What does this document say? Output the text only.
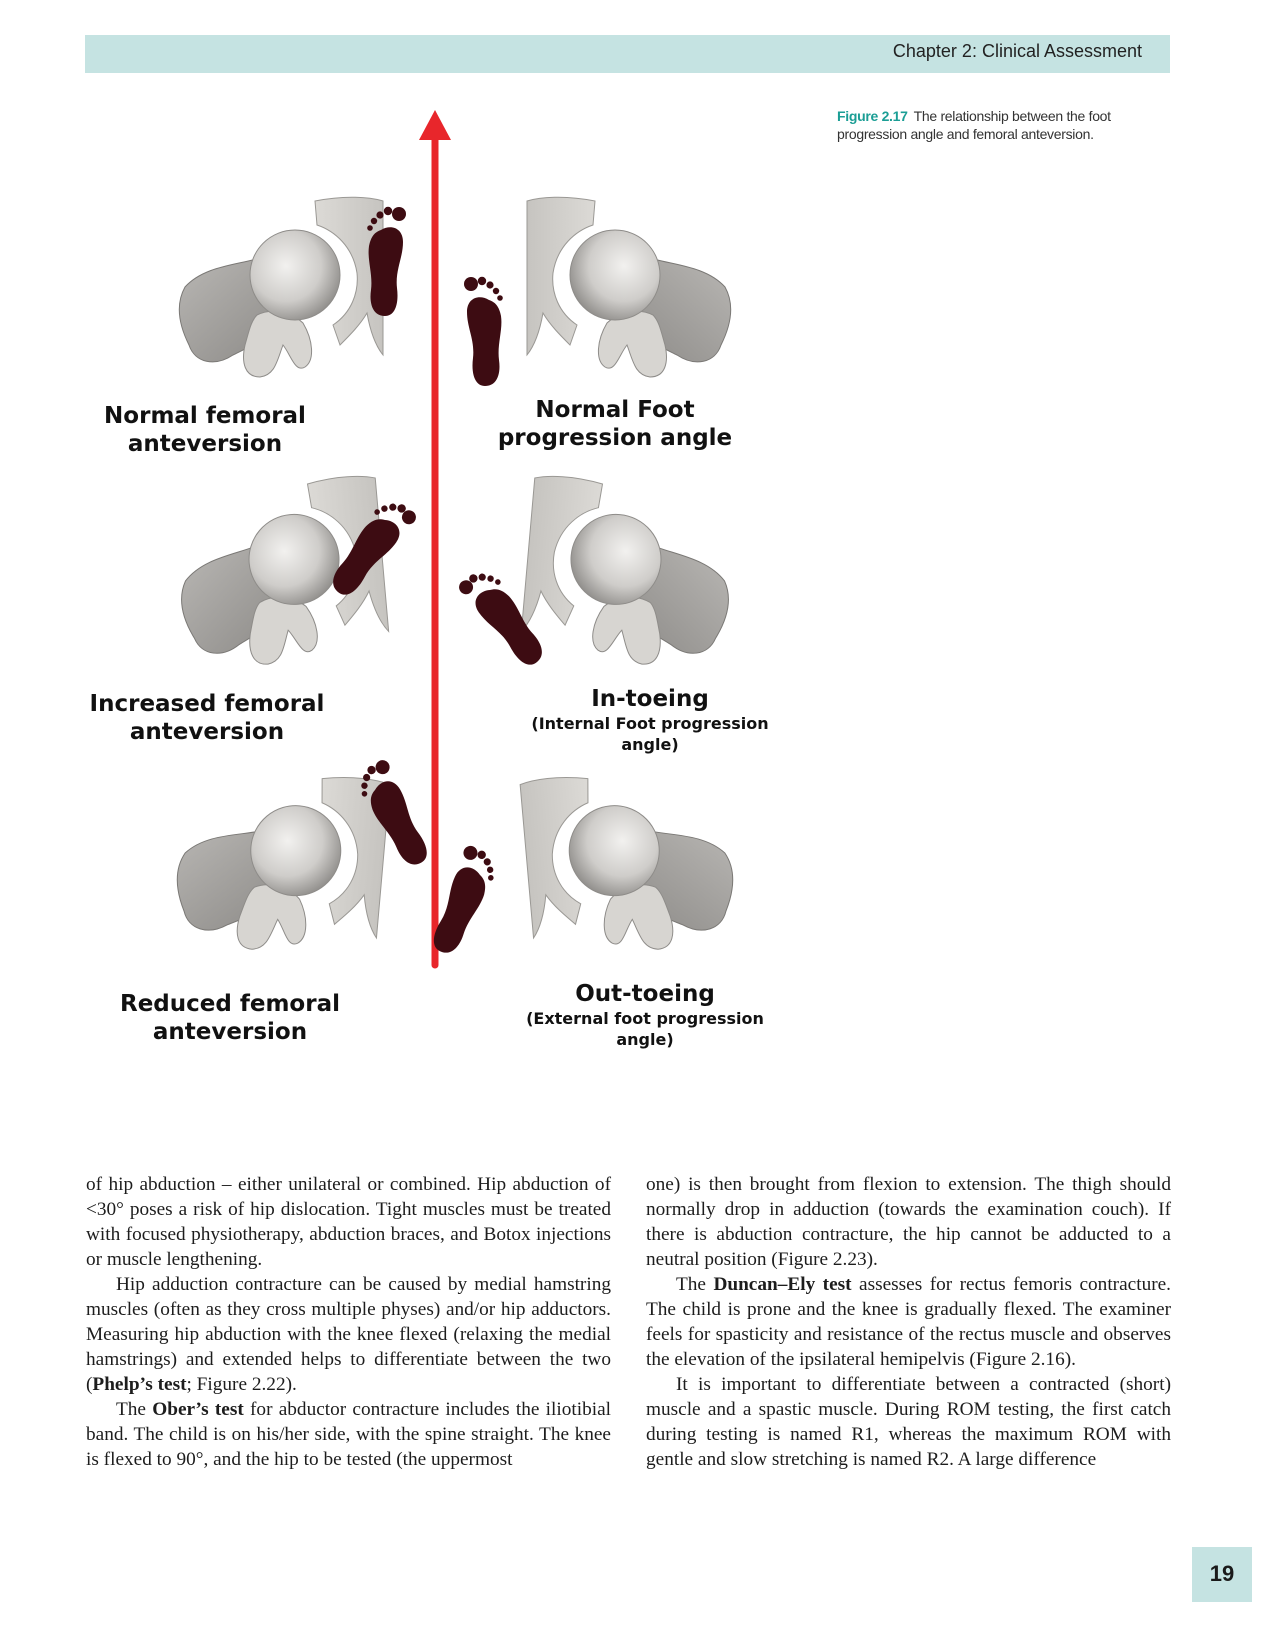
Chapter 2: Clinical Assessment
Figure 2.17 The relationship between the foot progression angle and femoral anteversion.
Normal femoral
anteversion
Normal Foot
progression angle
Increased femoral
anteversion
In-toeing
(Internal Foot progression
angle)
Reduced femoral
anteversion
Out-toeing
(External foot progression
angle)

of hip abduction – either unilateral or combined. Hip abduction of <30° poses a risk of hip dislocation. Tight muscles must be treated with focused physiotherapy, abduction braces, and Botox injections or muscle lengthening.

Hip adduction contracture can be caused by medial hamstring muscles (often as they cross multiple physes) and/or hip adductors. Measuring hip abduction with the knee flexed (relaxing the medial hamstrings) and extended helps to differentiate between the two (Phelp’s test; Figure 2.22).

The Ober’s test for abductor contracture includes the iliotibial band. The child is on his/her side, with the spine straight. The knee is flexed to 90°, and the hip to be tested (the uppermost

one) is then brought from flexion to extension. The thigh should normally drop in adduction (towards the examination couch). If there is abduction contracture, the hip cannot be adducted to a neutral position (Figure 2.23).

The Duncan–Ely test assesses for rectus femoris contracture. The child is prone and the knee is gradually flexed. The examiner feels for spasticity and resistance of the rectus muscle and observes the elevation of the ipsilateral hemipelvis (Figure 2.16).

It is important to differentiate between a contracted (short) muscle and a spastic muscle. During ROM testing, the first catch during testing is named R1, whereas the maximum ROM with gentle and slow stretching is named R2. A large difference

19
